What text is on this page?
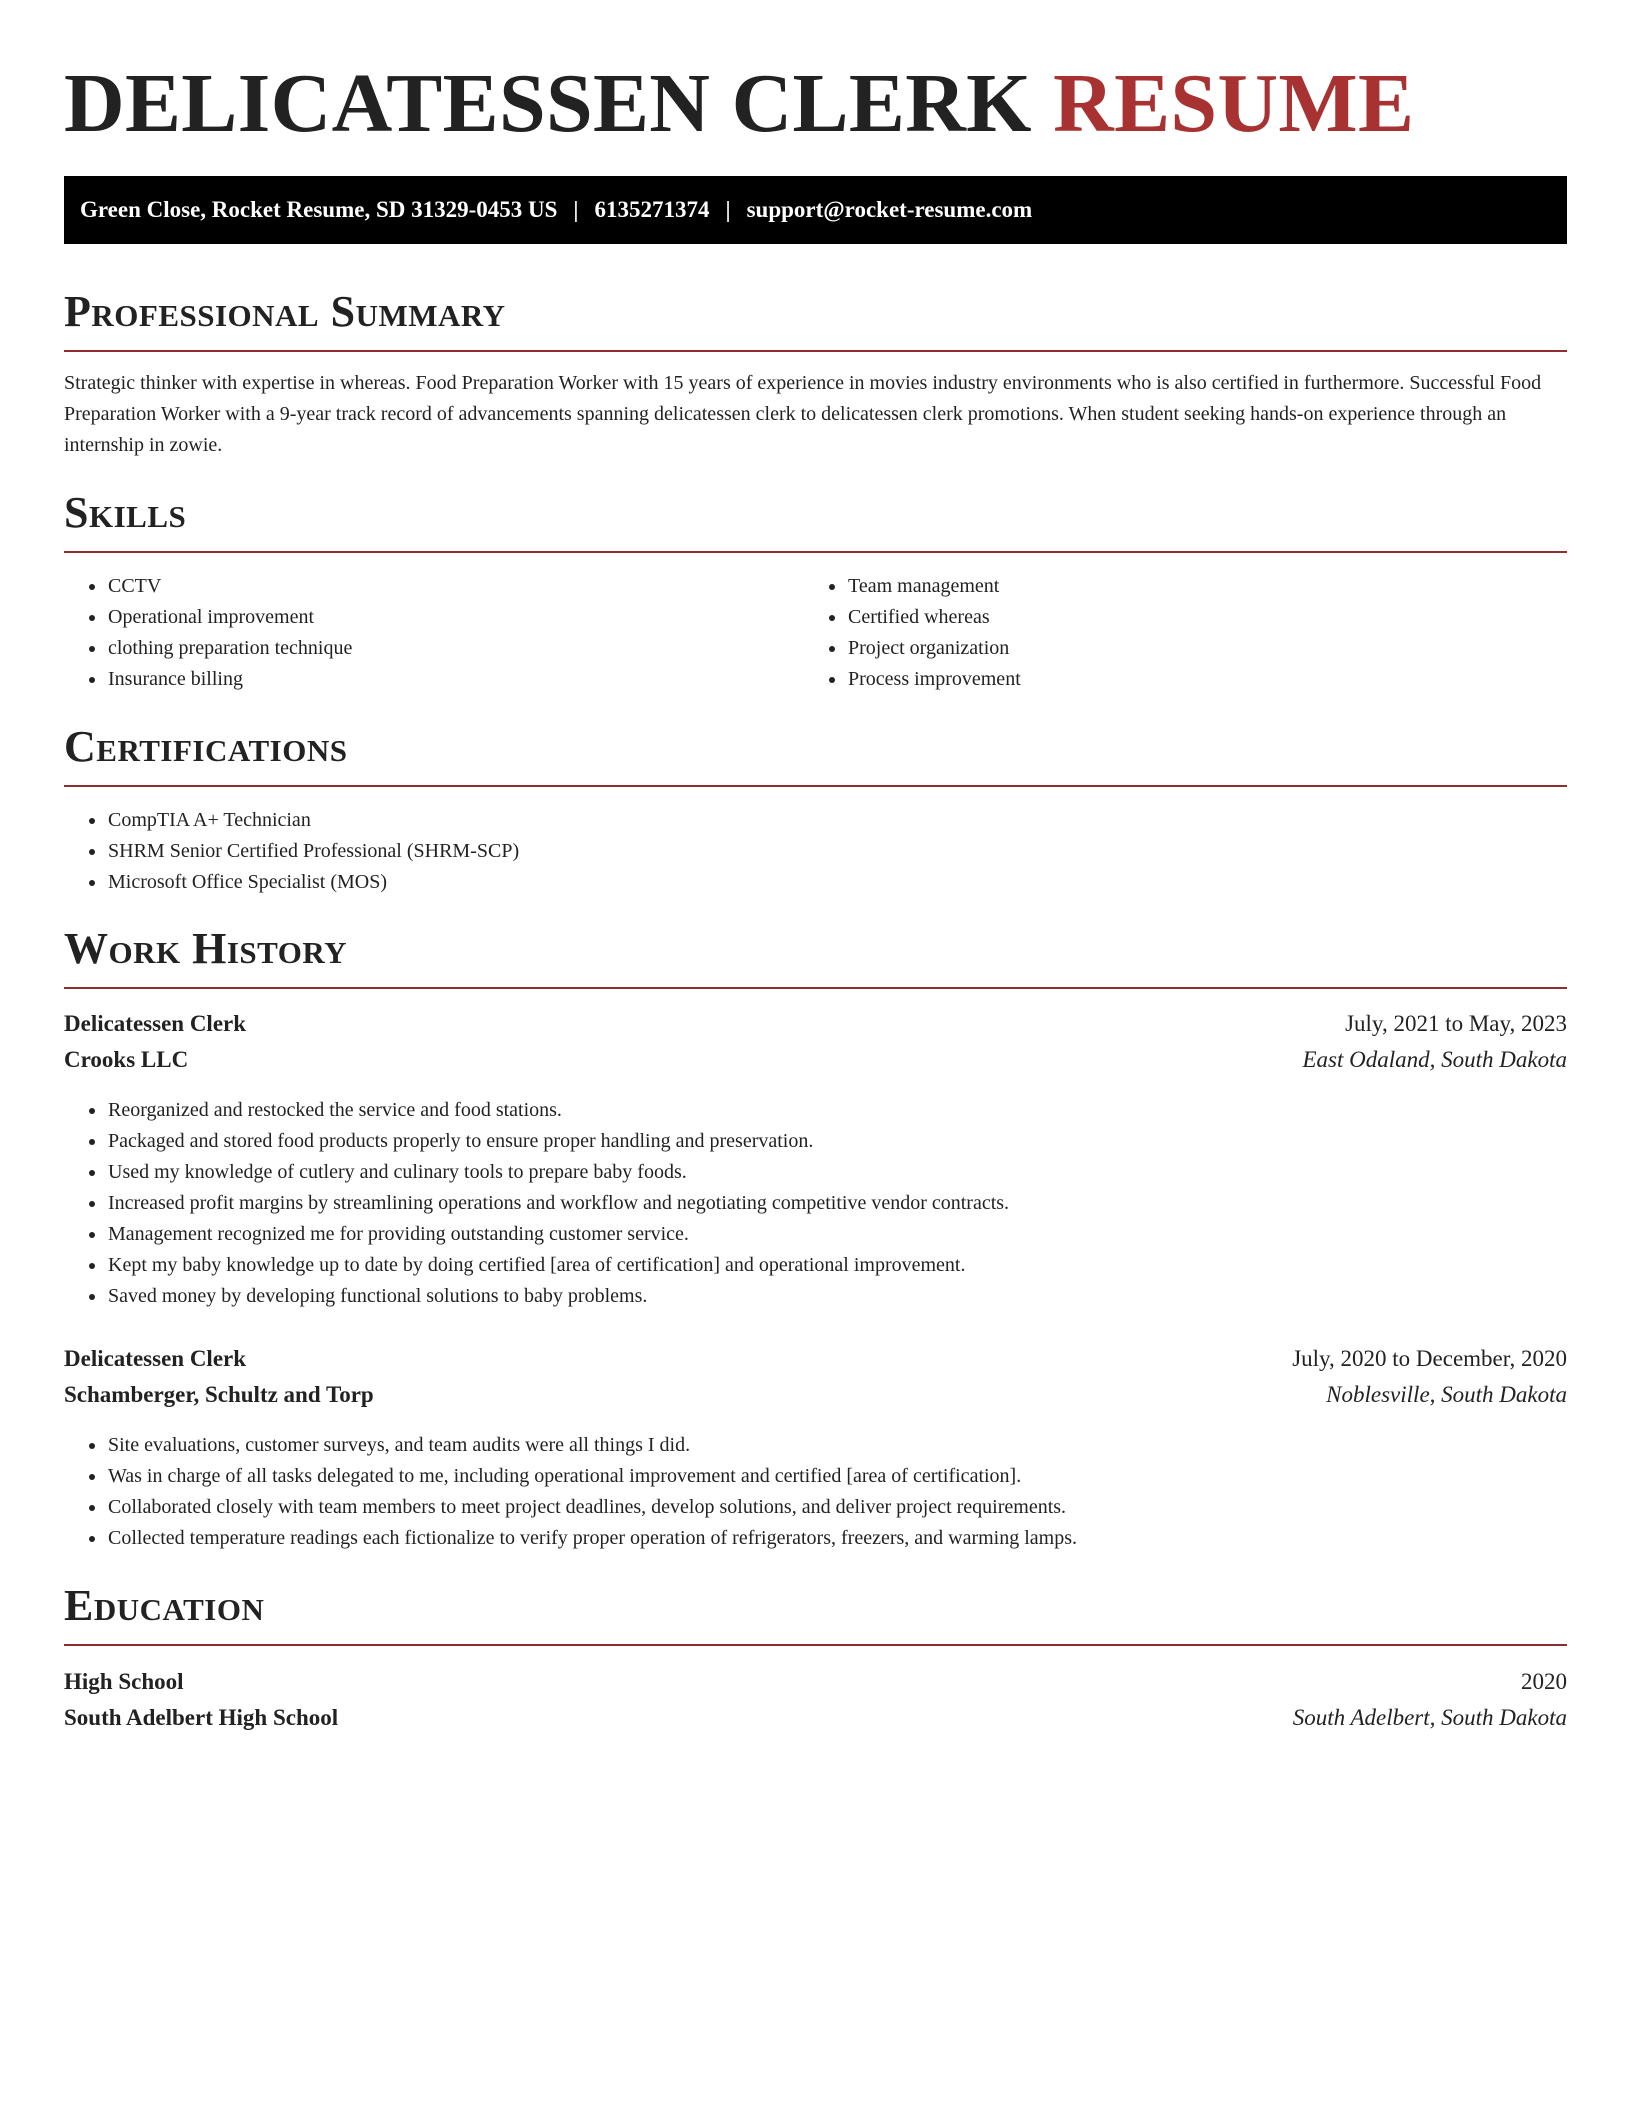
DELICATESSEN CLERK RESUME
Green Close, Rocket Resume, SD 31329-0453 US | 6135271374 | support@rocket-resume.com
Professional Summary

Strategic thinker with expertise in whereas. Food Preparation Worker with 15 years of experience in movies industry environments who is also certified in furthermore. Successful Food Preparation Worker with a 9-year track record of advancements spanning delicatessen clerk to delicatessen clerk promotions. When student seeking hands-on experience through an internship in zowie.

Skills
• CCTV
• Operational improvement
• clothing preparation technique
• Insurance billing
• Team management
• Certified whereas
• Project organization
• Process improvement
Certifications
• CompTIA A+ Technician
• SHRM Senior Certified Professional (SHRM-SCP)
• Microsoft Office Specialist (MOS)
Work History
Delicatessen Clerk	July, 2021 to May, 2023
Crooks LLC	East Odaland, South Dakota
• Reorganized and restocked the service and food stations.
• Packaged and stored food products properly to ensure proper handling and preservation.
• Used my knowledge of cutlery and culinary tools to prepare baby foods.
• Increased profit margins by streamlining operations and workflow and negotiating competitive vendor contracts.
• Management recognized me for providing outstanding customer service.
• Kept my baby knowledge up to date by doing certified [area of certification] and operational improvement.
• Saved money by developing functional solutions to baby problems.
Delicatessen Clerk	July, 2020 to December, 2020
Schamberger, Schultz and Torp	Noblesville, South Dakota
• Site evaluations, customer surveys, and team audits were all things I did.
• Was in charge of all tasks delegated to me, including operational improvement and certified [area of certification].
• Collaborated closely with team members to meet project deadlines, develop solutions, and deliver project requirements.
• Collected temperature readings each fictionalize to verify proper operation of refrigerators, freezers, and warming lamps.
Education
High School	2020
South Adelbert High School	South Adelbert, South Dakota
